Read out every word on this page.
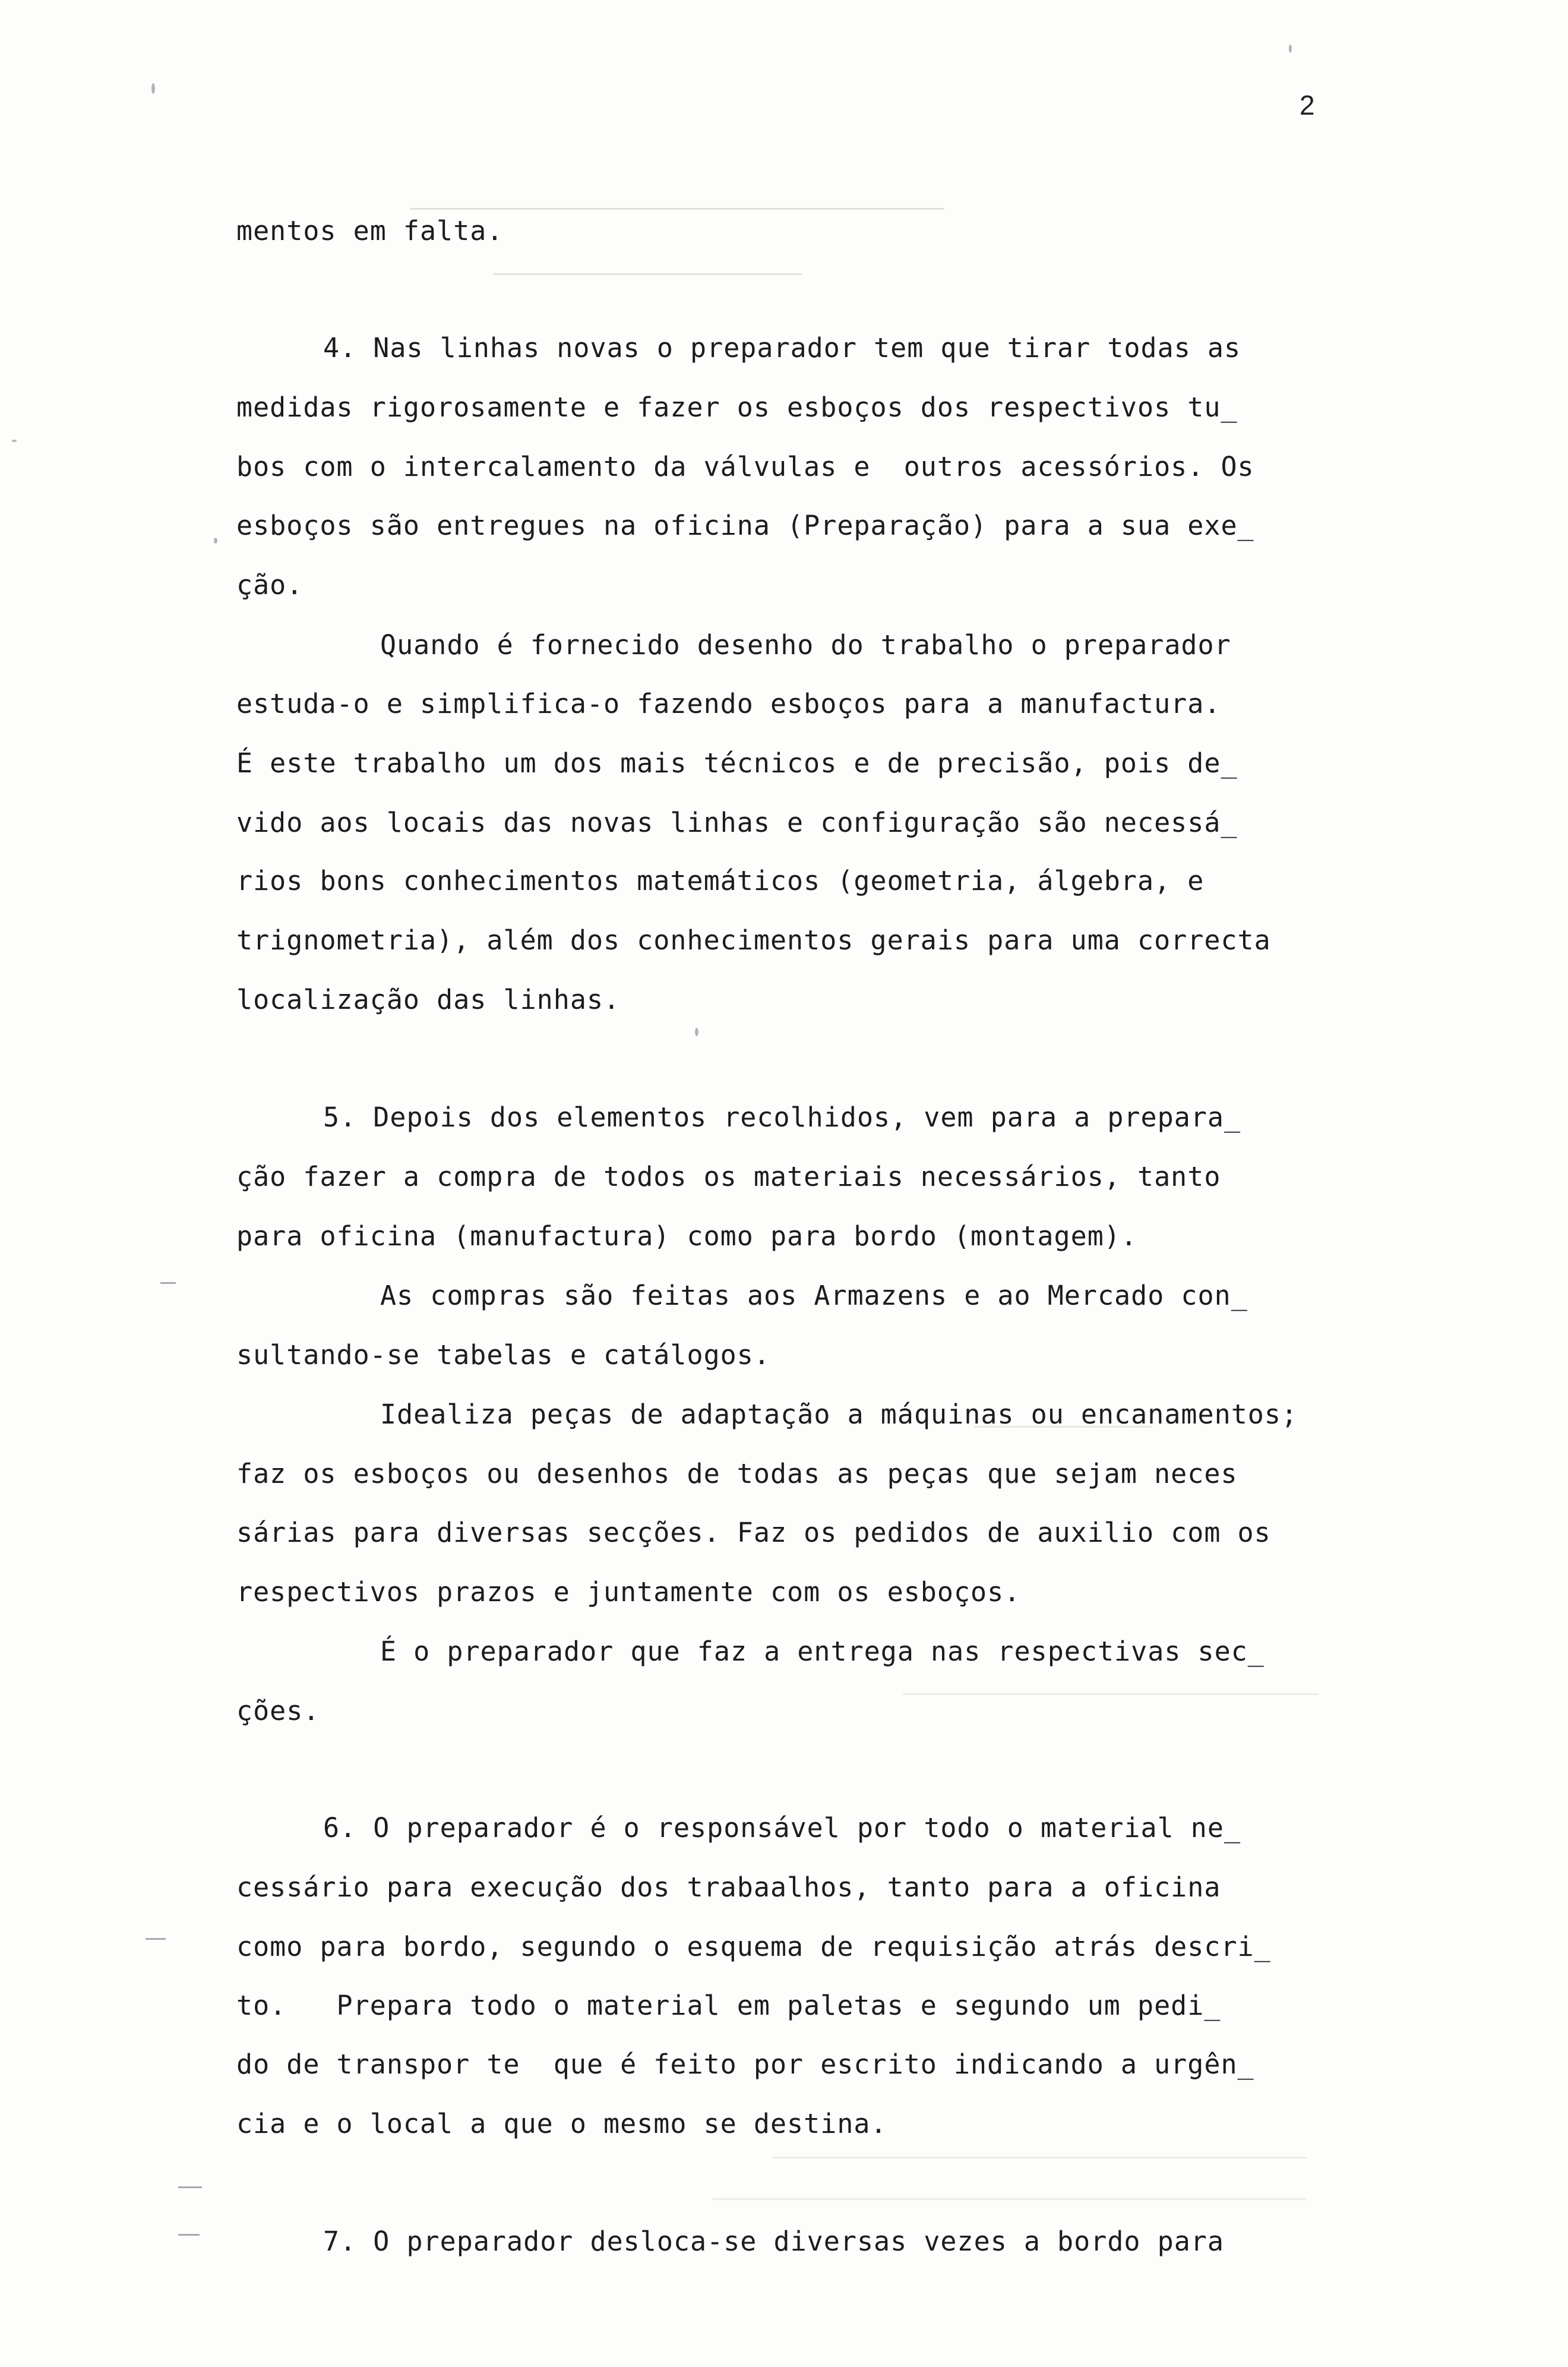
2
mentos em falta.
4. Nas linhas novas o preparador tem que tirar todas as
medidas rigorosamente e fazer os esboços dos respectivos tu_
bos com o intercalamento da válvulas e  outros acessórios. Os
esboços são entregues na oficina (Preparação) para a sua exe_
ção.
Quando é fornecido desenho do trabalho o preparador
estuda-o e simplifica-o fazendo esboços para a manufactura.
É este trabalho um dos mais técnicos e de precisão, pois de_
vido aos locais das novas linhas e configuração são necessá_
rios bons conhecimentos matemáticos (geometria, álgebra, e
trignometria), além dos conhecimentos gerais para uma correcta
localização das linhas.
5. Depois dos elementos recolhidos, vem para a prepara_
ção fazer a compra de todos os materiais necessários, tanto
para oficina (manufactura) como para bordo (montagem).
As compras são feitas aos Armazens e ao Mercado con_
sultando-se tabelas e catálogos.
Idealiza peças de adaptação a máquinas ou encanamentos;
faz os esboços ou desenhos de todas as peças que sejam neces
sárias para diversas secções. Faz os pedidos de auxilio com os
respectivos prazos e juntamente com os esboços.
É o preparador que faz a entrega nas respectivas sec_
ções.
6. O preparador é o responsável por todo o material ne_
cessário para execução dos trabaalhos, tanto para a oficina
como para bordo, segundo o esquema de requisição atrás descri_
to.   Prepara todo o material em paletas e segundo um pedi_
do de transpor te  que é feito por escrito indicando a urgên_
cia e o local a que o mesmo se destina.
7. O preparador desloca-se diversas vezes a bordo para
